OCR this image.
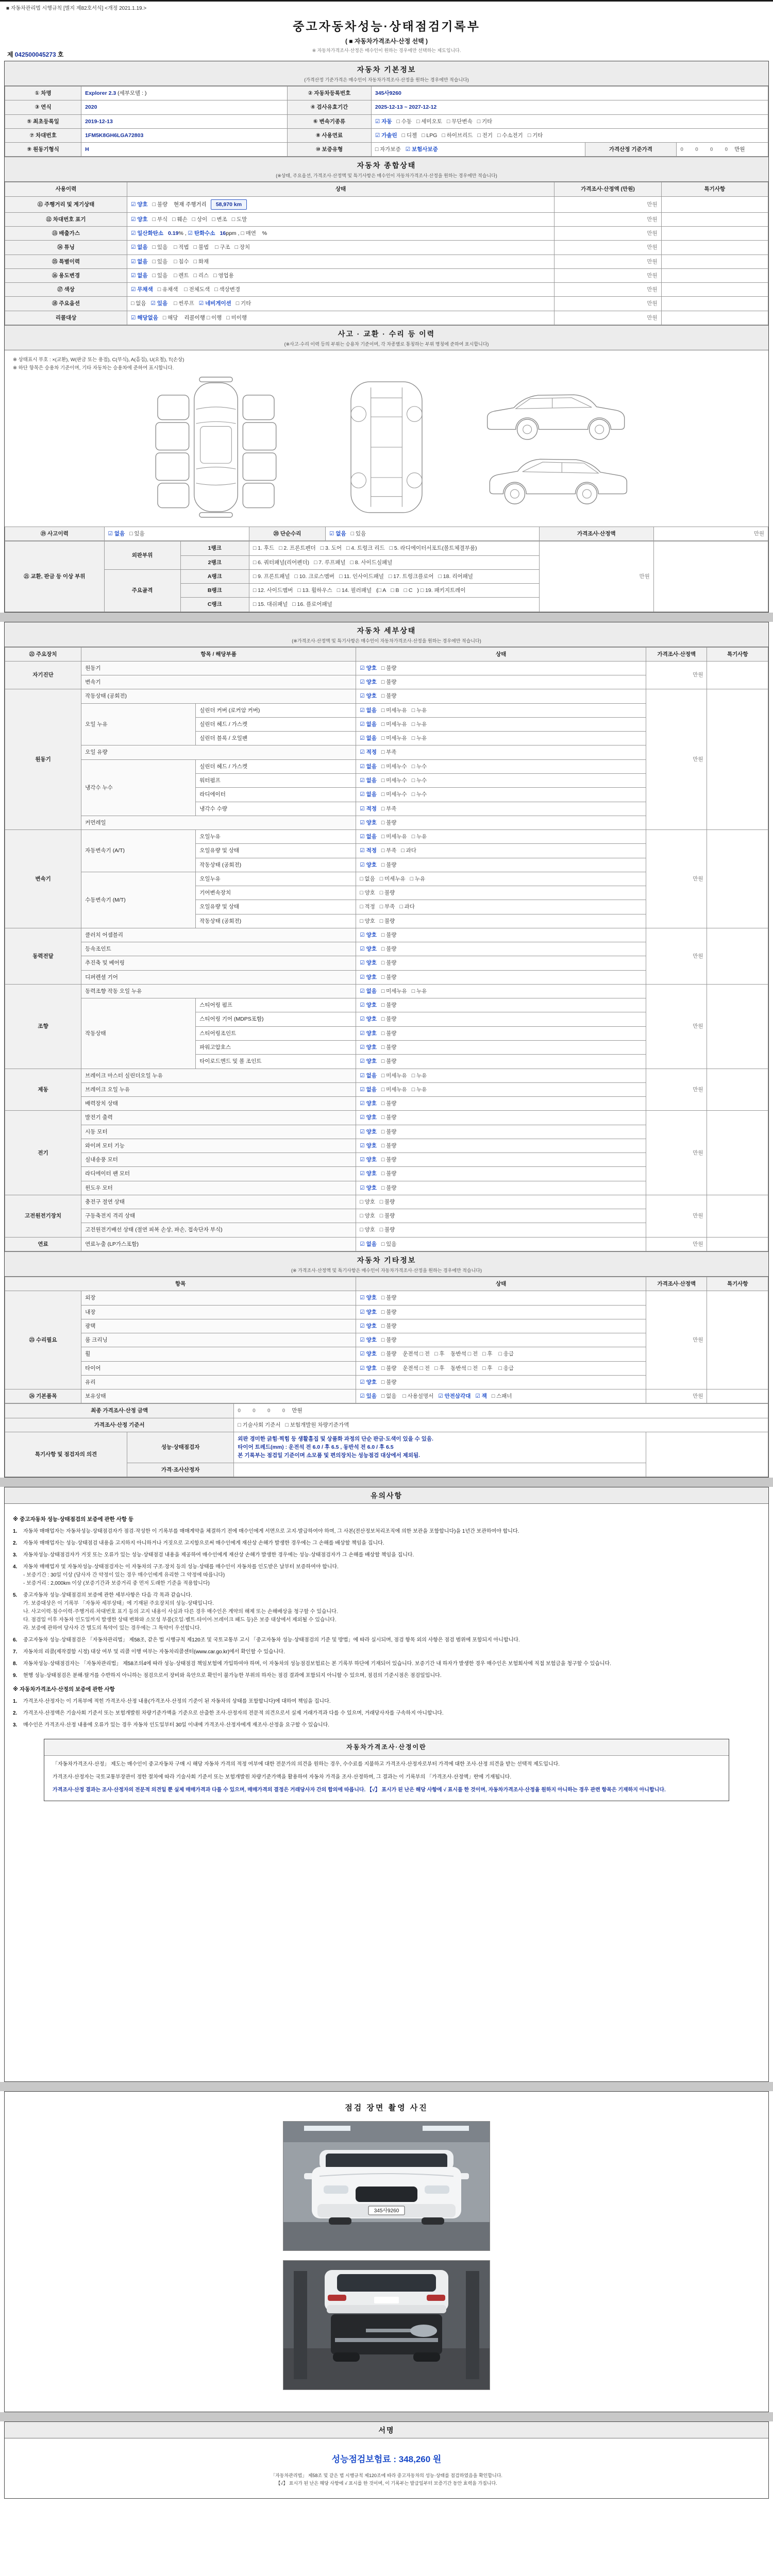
■ 자동차관리법 시행규칙 [별지 제82호서식] <개정 2021.1.19.>
중고자동차성능·상태점검기록부
( ■ 자동차가격조사·산정 선택 )
※ 자동차가격조사·산정은 매수인이 원하는 경우에만 선택하는 제도입니다.
제 042500045273 호
자동차 기본정보
(가격산정 기준가격은 매수인이 자동차가격조사·산정을 원하는 경우에만 적습니다)
① 차명	Explorer 2.3 (세부모델 : )	② 자동차등록번호	345사9260		
③ 연식	2020	④ 검사유효기간	2025-12-13 ~ 2027-12-12		
⑤ 최초등록일	2019-12-13	⑥ 변속기종류	☑ 자동 □ 수동 □ 세미오토 □ 무단변속 □ 기타		
⑦ 차대번호	1FM5K8GH6LGA72803	⑧ 사용연료	☑ 가솔린 □ 디젤 □ LPG □ 하이브리드 □ 전기 □ 수소전기 □ 기타		
⑨ 원동기형식	H	⑩ 보증유형	□ 자가보증 ☑ 보험사보증	가격산정 기준가격	0 0 0 0 만원
자동차 종합상태
(※상태, 주요옵션, 가격조사·산정액 및 특기사항은 매수인이 자동차가격조사·산정을 원하는 경우에만 적습니다)
사용이력	상태	가격조사·산정액 (만원)	특기사항
⑪ 주행거리 및 계기상태	☑ 양호 □ 불량 현재 주행거리 58,970 km	만원	

⑫ 차대번호 표기	☑ 양호 □ 부식 □ 훼손 □ 상이 □ 변조 □ 도말	만원	

⑬ 배출가스	☑ 일산화탄소 0.19% , ☑ 탄화수소 16ppm , □ 매연 %	만원	

⑭ 튜닝	☑ 없음 □ 있음 □ 적법 □ 불법 □ 구조 □ 장치	만원	

⑮ 특별이력	☑ 없음 □ 있음 □ 침수 □ 화재	만원	

⑯ 용도변경	☑ 없음 □ 있음 □ 렌트 □ 리스 □ 영업용	만원	

⑰ 색상	☑ 무채색 □ 유채색 □ 전체도색 □ 색상변경	만원	

⑱ 주요옵션	□ 없음 ☑ 있음 □ 썬루프 ☑ 네비게이션 □ 기타	만원	

리콜대상	☑ 해당없음 □ 해당 리콜이행 □ 이행 □ 미이행	만원	

사고 · 교환 · 수리 등 이력
(※사고·수리 이력 등의 부위는 승용차 기준이며, 각 차종별로 통칭하는 부위 명칭에 준하여 표시합니다)
※ 상태표시 부호 : ×(교환), W(판금 또는 용접), C(부식), A(흠집), U(요철), T(손상)
※ 하단 항목은 승용차 기준이며, 기타 자동차는 승용차에 준하여 표시합니다.
⑲ 사고이력	☑ 없음 □ 있음	⑳ 단순수리	☑ 없음 □ 있음	가격조사·산정액	만원
㉑ 교환, 판금 등 이상 부위	외판부위	1랭크	□ 1. 후드 □ 2. 프론트펜더 □ 3. 도어 □ 4. 트렁크 리드 □ 5. 라디에이터서포트(볼트체결부품)	만원	

		2랭크	□ 6. 쿼터패널(리어펜더) □ 7. 루프패널 □ 8. 사이드실패널		
	주요골격	A랭크	□ 9. 프론트패널 □ 10. 크로스멤버 □ 11. 인사이드패널 □ 17. 트렁크플로어 □ 18. 리어패널		
		B랭크	□ 12. 사이드멤버 □ 13. 휠하우스 □ 14. 필러패널 (□ A □ B □ C ) □ 19. 패키지트레이		
		C랭크	□ 15. 대쉬패널 □ 16. 플로어패널		
자동차 세부상태
(※가격조사·산정액 및 특기사항은 매수인이 자동차가격조사·산정을 원하는 경우에만 적습니다)
㉒ 주요장치	항목 / 해당부품		상태	가격조사·산정액	특기사항
자기진단	원동기		☑ 양호 □ 불량	만원	

	변속기		☑ 양호 □ 불량		
원동기	작동상태 (공회전)		☑ 양호 □ 불량	만원	

	오일 누유	실린더 커버 (로커암 커버)	☑ 없음 □ 미세누유 □ 누유		
		실린더 헤드 / 가스켓	☑ 없음 □ 미세누유 □ 누유		
		실린더 블록 / 오일팬	☑ 없음 □ 미세누유 □ 누유		
	오일 유량		☑ 적정 □ 부족		
	냉각수 누수	실린더 헤드 / 가스켓	☑ 없음 □ 미세누수 □ 누수		
		워터펌프	☑ 없음 □ 미세누수 □ 누수		
		라디에이터	☑ 없음 □ 미세누수 □ 누수		
		냉각수 수량	☑ 적정 □ 부족		
	커먼레일		☑ 양호 □ 불량		
변속기	자동변속기 (A/T)	오일누유	☑ 없음 □ 미세누유 □ 누유	만원	

		오일유량 및 상태	☑ 적정 □ 부족 □ 과다		
		작동상태 (공회전)	☑ 양호 □ 불량		
	수동변속기 (M/T)	오일누유	□ 없음 □ 미세누유 □ 누유		
		기어변속장치	□ 양호 □ 불량		
		오일유량 및 상태	□ 적정 □ 부족 □ 과다		
		작동상태 (공회전)	□ 양호 □ 불량		
동력전달	클러치 어셈블리		☑ 양호 □ 불량	만원	

	등속조인트		☑ 양호 □ 불량		
	추진축 및 베어링		☑ 양호 □ 불량		
	디퍼렌셜 기어		☑ 양호 □ 불량		
조향	동력조향 작동 오일 누유		☑ 없음 □ 미세누유 □ 누유	만원	

	작동상태	스티어링 펌프	☑ 양호 □ 불량		
		스티어링 기어 (MDPS포함)	☑ 양호 □ 불량		
		스티어링조인트	☑ 양호 □ 불량		
		파워고압호스	☑ 양호 □ 불량		
		타이로드엔드 및 볼 조인트	☑ 양호 □ 불량		
제동	브레이크 마스터 실린더오일 누유		☑ 없음 □ 미세누유 □ 누유	만원	

	브레이크 오일 누유		☑ 없음 □ 미세누유 □ 누유		
	배력장치 상태		☑ 양호 □ 불량		
전기	발전기 출력		☑ 양호 □ 불량	만원	

	시동 모터		☑ 양호 □ 불량		
	와이퍼 모터 기능		☑ 양호 □ 불량		
	실내송풍 모터		☑ 양호 □ 불량		
	라디에이터 팬 모터		☑ 양호 □ 불량		
	윈도우 모터		☑ 양호 □ 불량		
고전원전기장치	충전구 절연 상태		□ 양호 □ 불량	만원	

	구동축전지 격리 상태		□ 양호 □ 불량		
	고전원전기배선 상태 (절연 피복 손상, 파손, 접속단자 부식)		□ 양호 □ 불량		
연료	연료누출 (LP가스포함)		☑ 없음 □ 있음	만원	

자동차 기타정보
(※ 가격조사·산정액 및 특기사항은 매수인이 자동차가격조사·산정을 원하는 경우에만 적습니다)
항목		상태	가격조사·산정액	특기사항
㉓ 수리필요	외장	☑ 양호 □ 불량	만원	

	내장	☑ 양호 □ 불량		
	광택	☑ 양호 □ 불량		
	룸 크리닝	☑ 양호 □ 불량		
	휠	☑ 양호 □ 불량 운전석 □ 전 □ 후 동반석 □ 전 □ 후 □ 응급		
	타이어	☑ 양호 □ 불량 운전석 □ 전 □ 후 동반석 □ 전 □ 후 □ 응급		
	유리	☑ 양호 □ 불량		
㉔ 기본품목	보유상태	☑ 있음 □ 없음 □ 사용설명서 ☑ 안전삼각대 ☑ 잭 □ 스패너	만원	

최종 가격조사·산정 금액		0 0 0 0 만원	
가격조사·산정 기준서		□ 기술사회 기준서 □ 보험개발원 차량기준가액	
특기사항 및 점검자의 의견	성능·상태점검자	외판 경미한 긁힘·찍힘 등 생활흠집 및 상품화 과정의 단순 판금·도색이 있을 수 있음.
타이어 트레드(mm) : 운전석 전 6.0 / 후 6.5 , 동반석 전 6.0 / 후 6.5
본 기록부는 점검일 기준이며 소모품 및 편의장치는 성능점검 대상에서 제외됨.	
	가격·조사산정자		
유의사항
※ 중고자동차 성능·상태점검의 보증에 관한 사항 등
1.	자동차 매매업자는 자동차성능·상태점검자가 점검·작성한 이 기록부를 매매계약을 체결하기 전에 매수인에게 서면으로 고지·발급하여야 하며, 그 사본(전산정보처리조직에 의한 보관을 포함합니다)을 1년간 보관하여야 합니다.
2.	자동차 매매업자는 성능·상태점검 내용을 고지하지 아니하거나 거짓으로 고지함으로써 매수인에게 재산상 손해가 발생한 경우에는 그 손해를 배상할 책임을 집니다.
3.	자동차성능·상태점검자가 거짓 또는 오류가 있는 성능·상태점검 내용을 제공하여 매수인에게 재산상 손해가 발생한 경우에는 성능·상태점검자가 그 손해를 배상할 책임을 집니다.
4.	자동차 매매업자 및 자동차성능·상태점검자는 이 자동차의 구조·장치 등의 성능·상태를 매수인이 자동차를 인도받은 날부터 보증하여야 합니다.
- 보증기간 : 30일 이상 (당사자 간 약정이 있는 경우 매수인에게 유리한 그 약정에 따릅니다)
- 보증거리 : 2,000km 이상 (보증기간과 보증거리 중 먼저 도래한 기준을 적용합니다)
5.	중고자동차 성능·상태점검의 보증에 관한 세부사항은 다음 각 목과 같습니다.
가. 보증대상은 이 기록부 「자동차 세부상태」에 기재된 주요장치의 성능·상태입니다.
나. 사고이력·침수이력·주행거리·차대번호 표기 등의 고지 내용이 사실과 다른 경우 매수인은 계약의 해제 또는 손해배상을 청구할 수 있습니다.
다. 점검일 이후 자동차 인도일까지 발생한 상태 변화와 소모성 부품(오일·벨트·타이어·브레이크 패드 등)은 보증 대상에서 제외될 수 있습니다.
라. 보증에 관하여 당사자 간 별도의 특약이 있는 경우에는 그 특약이 우선합니다.
6.	중고자동차 성능·상태점검은 「자동차관리법」 제58조, 같은 법 시행규칙 제120조 및 국토교통부 고시 「중고자동차 성능·상태점검의 기준 및 방법」에 따라 실시되며, 점검 항목 외의 사항은 점검 범위에 포함되지 아니합니다.
7.	자동차의 리콜(제작결함 시정) 대상 여부 및 리콜 이행 여부는 자동차리콜센터(www.car.go.kr)에서 확인할 수 있습니다.
8.	자동차성능·상태점검자는 「자동차관리법」 제58조의4에 따라 성능·상태점검 책임보험에 가입하여야 하며, 이 자동차의 성능점검보험료는 본 기록부 하단에 기재되어 있습니다. 보증기간 내 하자가 발생한 경우 매수인은 보험회사에 직접 보험금을 청구할 수 있습니다.
9.	현행 성능·상태점검은 분해·탈거를 수반하지 아니하는 점검으로서 장비와 육안으로 확인이 불가능한 부위의 하자는 점검 결과에 포함되지 아니할 수 있으며, 점검의 기준시점은 점검일입니다.
※ 자동차가격조사·산정의 보증에 관한 사항
1.	가격조사·산정자는 이 기록부에 적힌 가격조사·산정 내용(가격조사·산정의 기준이 된 자동차의 상태를 포함합니다)에 대하여 책임을 집니다.
2.	가격조사·산정액은 기술사회 기준서 또는 보험개발원 차량기준가액을 기준으로 산출한 조사·산정자의 전문적 의견으로서 실제 거래가격과 다를 수 있으며, 거래당사자를 구속하지 아니합니다.
3.	매수인은 가격조사·산정 내용에 오류가 있는 경우 자동차 인도일부터 30일 이내에 가격조사·산정자에게 재조사·산정을 요구할 수 있습니다.
자동차가격조사·산정이란

「자동차가격조사·산정」 제도는 매수인이 중고자동차 구매 시 해당 자동차 가격의 적정 여부에 대한 전문가의 의견을 원하는 경우, 수수료를 지불하고 가격조사·산정자로부터 가격에 대한 조사·산정 의견을 받는 선택적 제도입니다.

가격조사·산정자는 국토교통부장관이 정한 절차에 따라 기술사회 기준서 또는 보험개발원 차량기준가액을 활용하여 자동차 가격을 조사·산정하며, 그 결과는 이 기록부의 「가격조사·산정액」란에 기재됩니다.

가격조사·산정 결과는 조사·산정자의 전문적 의견일 뿐 실제 매매가격과 다를 수 있으며, 매매가격의 결정은 거래당사자 간의 합의에 따릅니다. 【√】 표시가 된 난은 해당 사항에 √ 표시를 한 것이며, 자동차가격조사·산정을 원하지 아니하는 경우 관련 항목은 기재하지 아니합니다.

점검 장면 촬영 사진
345사9260
서명
성능점검보험료 : 348,260 원
「자동차관리법」 제58조 및 같은 법 시행규칙 제120조에 따라 중고자동차의 성능·상태를 점검하였음을 확인합니다.
【√】 표시가 된 난은 해당 사항에 √ 표시를 한 것이며, 이 기록부는 발급일부터 보증기간 동안 효력을 가집니다.
